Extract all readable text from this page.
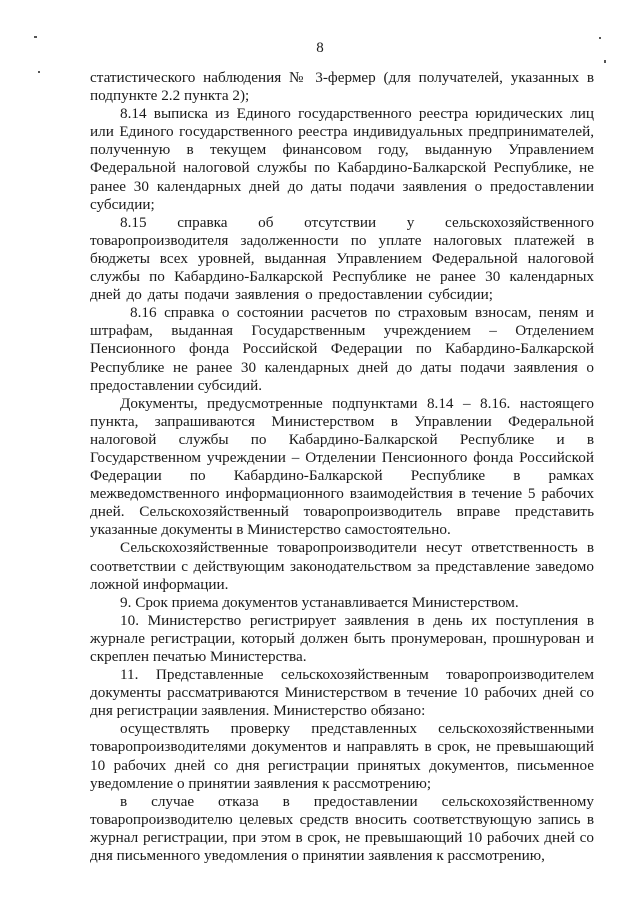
8

статистического наблюдения № 3-фермер (для получателей, указанных в подпункте 2.2 пункта 2);

8.14 выписка из Единого государственного реестра юридических лиц или Единого государственного реестра индивидуальных предпринимателей, полученную в текущем финансовом году, выданную Управлением Федеральной налоговой службы по Кабардино-Балкарской Республике, не ранее 30 календарных дней до даты подачи заявления о предоставлении субсидии;

8.15 справка об отсутствии у сельскохозяйственного товаропроизводителя задолженности по уплате налоговых платежей в бюджеты всех уровней, выданная Управлением Федеральной налоговой службы по Кабардино-Балкарской Республике не ранее 30 календарных дней до даты подачи заявления о предоставлении субсидии;

8.16 справка о состоянии расчетов по страховым взносам, пеням и штрафам, выданная Государственным учреждением – Отделением Пенсионного фонда Российской Федерации по Кабардино-Балкарской Республике не ранее 30 календарных дней до даты подачи заявления о предоставлении субсидий.

Документы, предусмотренные подпунктами 8.14 – 8.16. настоящего пункта, запрашиваются Министерством в Управлении Федеральной налоговой службы по Кабардино-Балкарской Республике и в Государственном учреждении – Отделении Пенсионного фонда Российской Федерации по Кабардино-Балкарской Республике в рамках межведомственного информационного взаимодействия в течение 5 рабочих дней. Сельскохозяйственный товаропроизводитель вправе представить указанные документы в Министерство самостоятельно.

Сельскохозяйственные товаропроизводители несут ответственность в соответствии с действующим законодательством за представление заведомо ложной информации.

9. Срок приема документов устанавливается Министерством.

10. Министерство регистрирует заявления в день их поступления в журнале регистрации, который должен быть пронумерован, прошнурован и скреплен печатью Министерства.

11. Представленные сельскохозяйственным товаропроизводителем документы рассматриваются Министерством в течение 10 рабочих дней со дня регистрации заявления. Министерство обязано:

осуществлять проверку представленных сельскохозяйственными товаропроизводителями документов и направлять в срок, не превышающий 10 рабочих дней со дня регистрации принятых документов, письменное уведомление о принятии заявления к рассмотрению;

в случае отказа в предоставлении сельскохозяйственному товаропроизводителю целевых средств вносить соответствующую запись в журнал регистрации, при этом в срок, не превышающий 10 рабочих дней со дня письменного уведомления о принятии заявления к рассмотрению,
